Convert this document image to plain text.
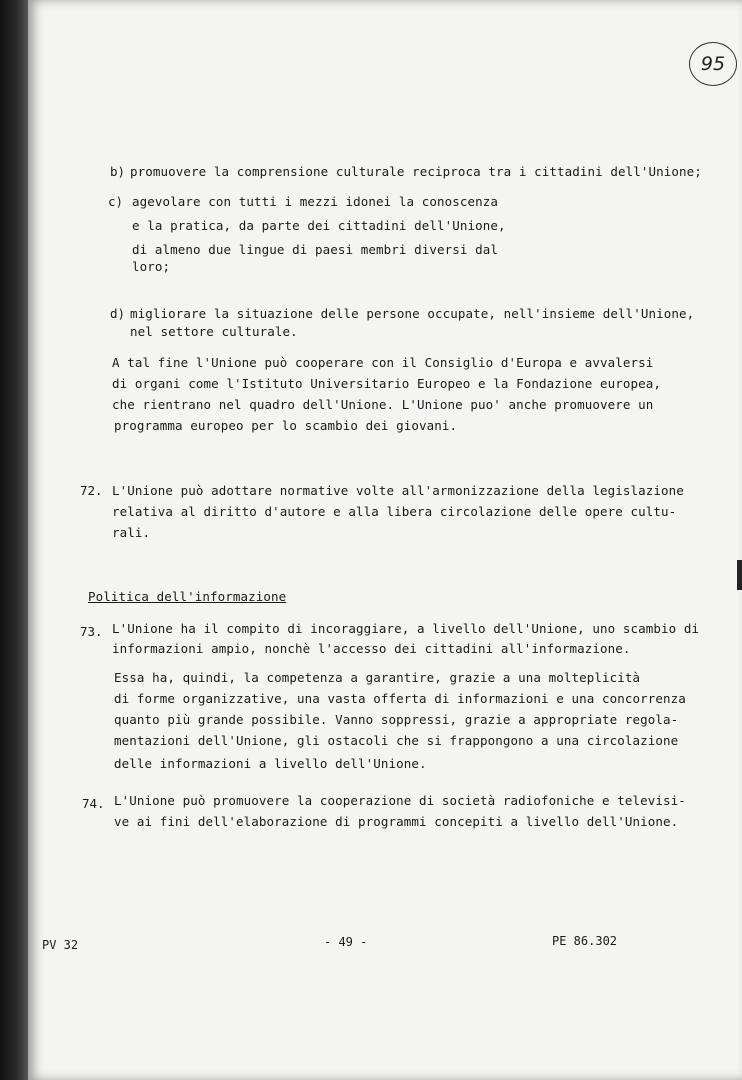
95
b) promuovere la comprensione culturale reciproca tra i cittadini dell'Unione;
c) agevolare con tutti i mezzi idonei la conoscenza
e la pratica, da parte dei cittadini dell'Unione,
di almeno due lingue di paesi membri diversi dal
loro;
d) migliorare la situazione delle persone occupate, nell'insieme dell'Unione,
nel settore culturale.
A tal fine l'Unione può cooperare con il Consiglio d'Europa e avvalersi
di organi come l'Istituto Universitario Europeo e la Fondazione europea,
che rientrano nel quadro dell'Unione. L'Unione puo' anche promuovere un
programma europeo per lo scambio dei giovani.
72. L'Unione può adottare normative volte all'armonizzazione della legislazione
relativa al diritto d'autore e alla libera circolazione delle opere cultu-
rali.
Politica dell'informazione
73. L'Unione ha il compito di incoraggiare, a livello dell'Unione, uno scambio di
informazioni ampio, nonchè l'accesso dei cittadini all'informazione.
Essa ha, quindi, la competenza a garantire, grazie a una molteplicità
di forme organizzative, una vasta offerta di informazioni e una concorrenza
quanto più grande possibile. Vanno soppressi, grazie a appropriate regola-
mentazioni dell'Unione, gli ostacoli che si frappongono a una circolazione
delle informazioni a livello dell'Unione.
74. L'Unione può promuovere la cooperazione di società radiofoniche e televisi-
ve ai fini dell'elaborazione di programmi concepiti a livello dell'Unione.
PV 32	- 49 -	PE 86.302
